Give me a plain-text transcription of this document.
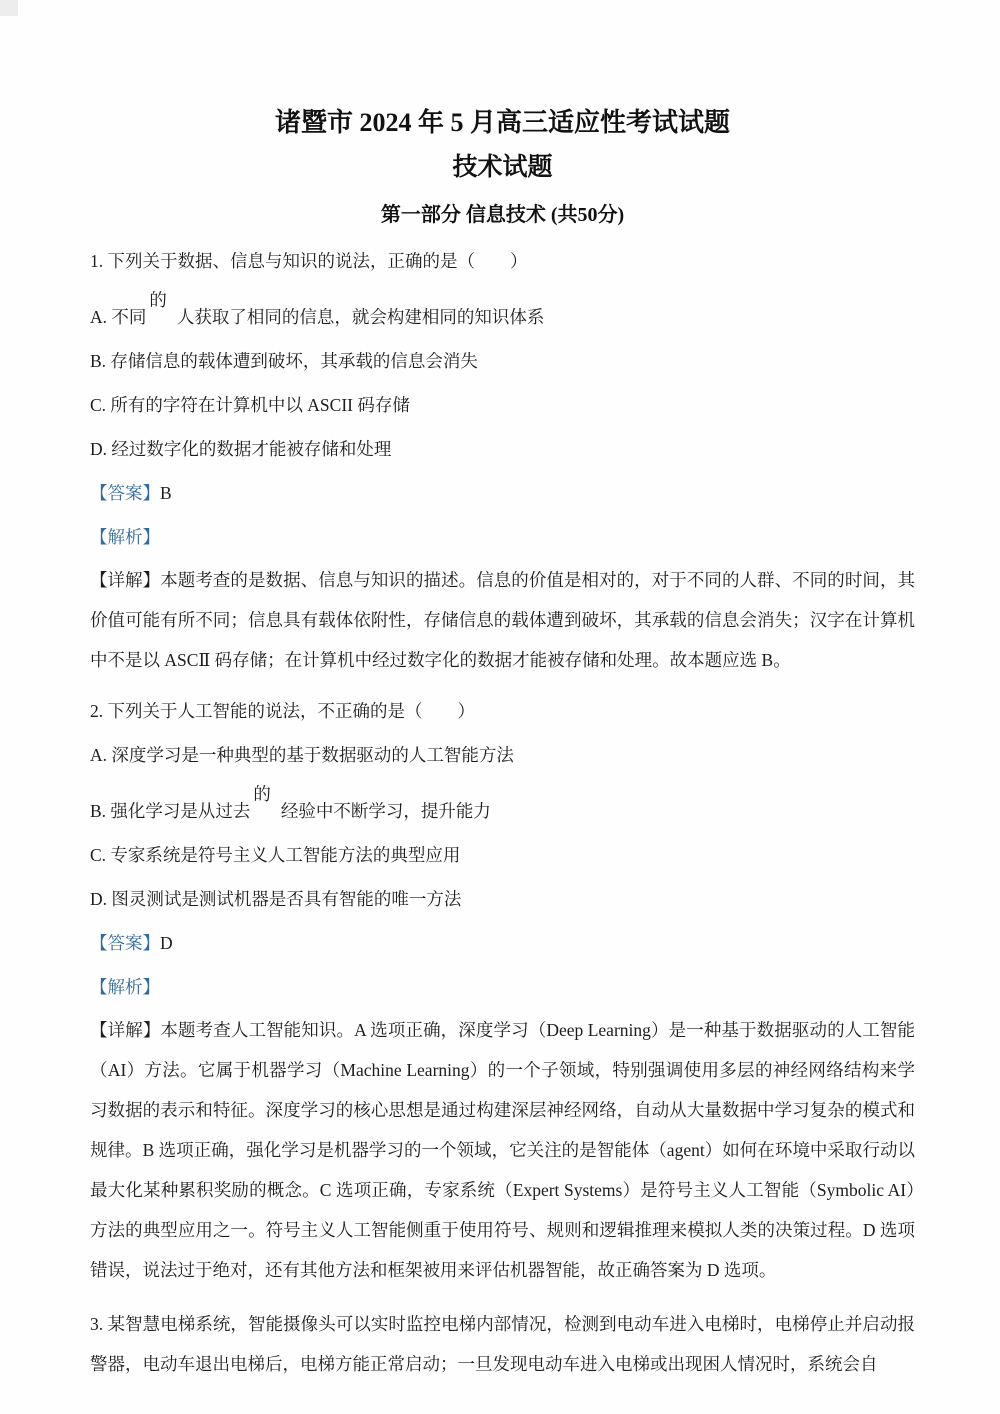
诸暨市 2024 年 5 月高三适应性考试试题
技术试题
第一部分 信息技术 (共50分)

1. 下列关于数据、信息与知识的说法，正确的是（　　）

A. 不同的人获取了相同的信息，就会构建相同的知识体系

B. 存储信息的载体遭到破坏，其承载的信息会消失

C. 所有的字符在计算机中以 ASCII 码存储

D. 经过数字化的数据才能被存储和处理

【答案】B

【解析】

【详解】本题考查的是数据、信息与知识的描述。信息的价值是相对的，对于不同的人群、不同的时间，其价值可能有所不同；信息具有载体依附性，存储信息的载体遭到破坏，其承载的信息会消失；汉字在计算机中不是以 ASCⅡ 码存储；在计算机中经过数字化的数据才能被存储和处理。故本题应选 B。

2. 下列关于人工智能的说法，不正确的是（　　）

A. 深度学习是一种典型的基于数据驱动的人工智能方法

B. 强化学习是从过去的经验中不断学习，提升能力

C. 专家系统是符号主义人工智能方法的典型应用

D. 图灵测试是测试机器是否具有智能的唯一方法

【答案】D

【解析】

【详解】本题考查人工智能知识。A 选项正确，深度学习（Deep Learning）是一种基于数据驱动的人工智能（AI）方法。它属于机器学习（Machine Learning）的一个子领域，特别强调使用多层的神经网络结构来学习数据的表示和特征。深度学习的核心思想是通过构建深层神经网络，自动从大量数据中学习复杂的模式和规律。B 选项正确，强化学习是机器学习的一个领域，它关注的是智能体（agent）如何在环境中采取行动以最大化某种累积奖励的概念。C 选项正确，专家系统（Expert Systems）是符号主义人工智能（Symbolic AI）方法的典型应用之一。符号主义人工智能侧重于使用符号、规则和逻辑推理来模拟人类的决策过程。D 选项错误，说法过于绝对，还有其他方法和框架被用来评估机器智能，故正确答案为 D 选项。

3. 某智慧电梯系统，智能摄像头可以实时监控电梯内部情况，检测到电动车进入电梯时，电梯停止并启动报警器，电动车退出电梯后，电梯方能正常启动；一旦发现电动车进入电梯或出现困人情况时，系统会自
